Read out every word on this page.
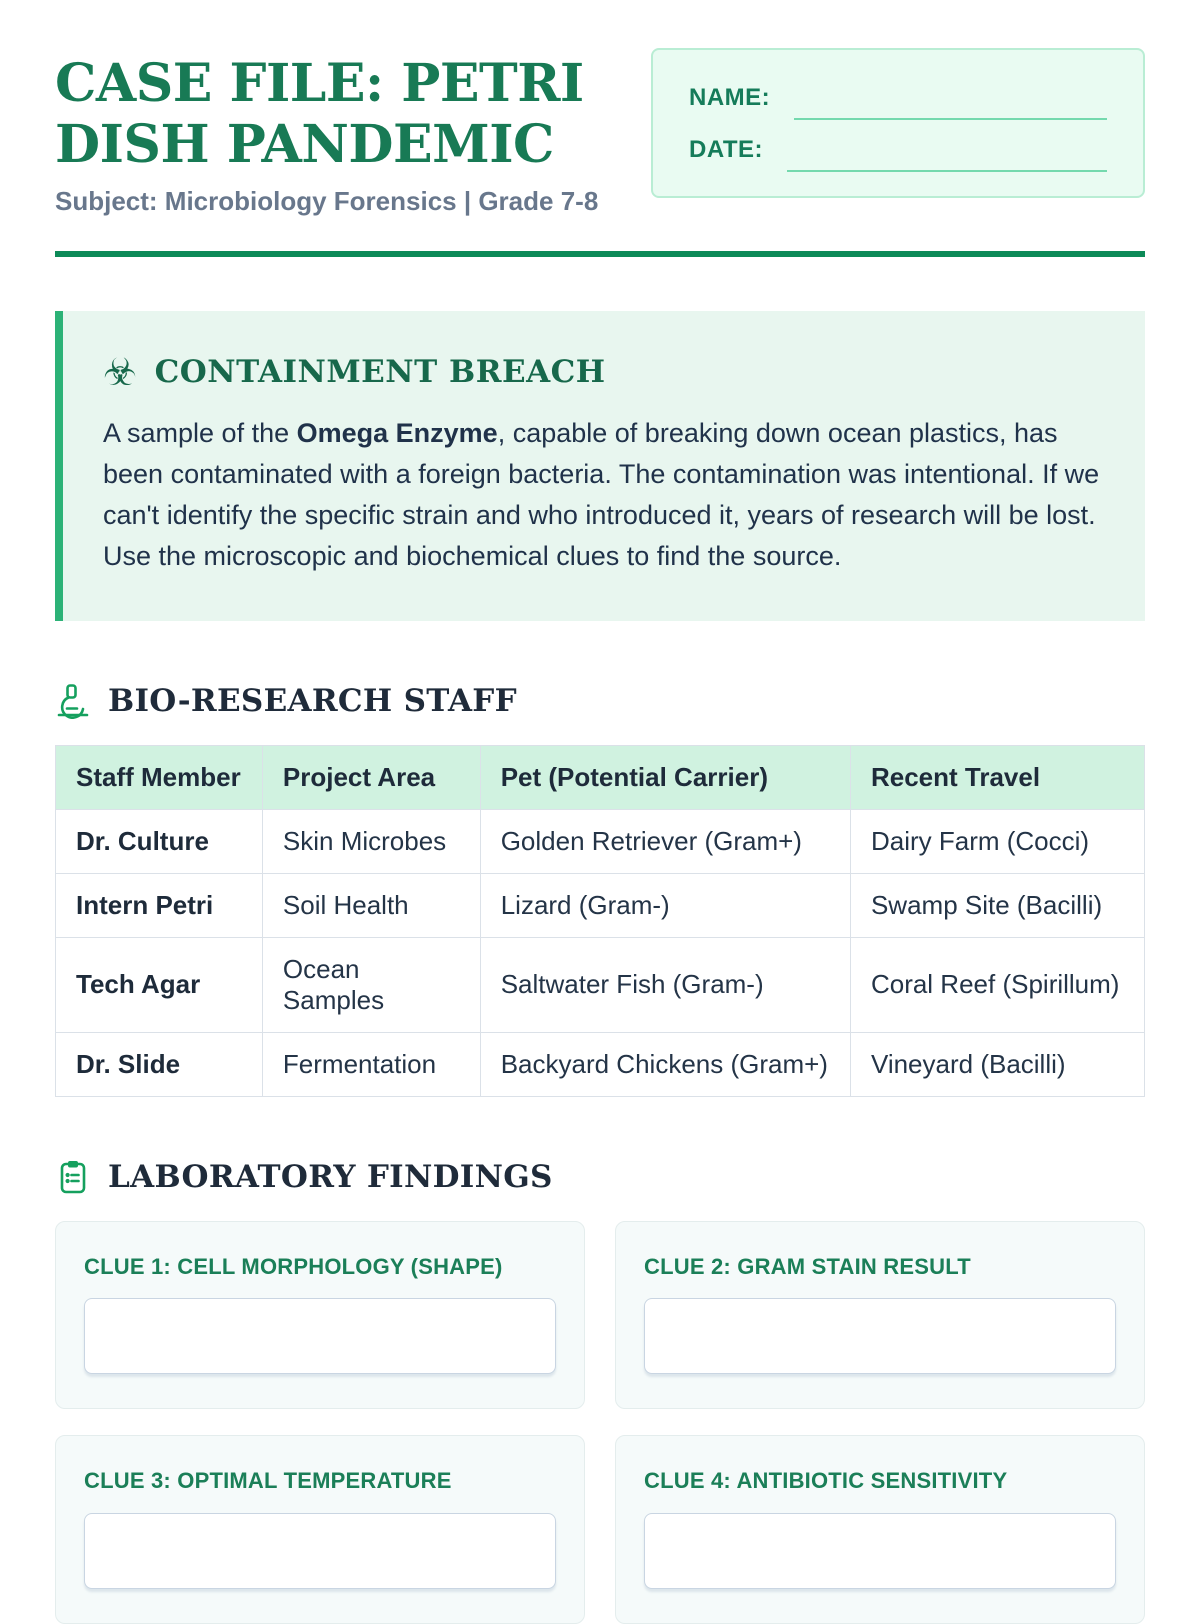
CASE FILE: PETRI DISH PANDEMIC

Subject: Microbiology Forensics | Grade 7-8

NAME:
DATE:
☣ CONTAINMENT BREACH

A sample of the Omega Enzyme, capable of breaking down ocean plastics, has been contaminated with a foreign bacteria. The contamination was intentional. If we can't identify the specific strain and who introduced it, years of research will be lost. Use the microscopic and biochemical clues to find the source.

BIO-RESEARCH STAFF
Staff Member	Project Area	Pet (Potential Carrier)	Recent Travel
Dr. Culture	Skin Microbes	Golden Retriever (Gram+)	Dairy Farm (Cocci)
Intern Petri	Soil Health	Lizard (Gram-)	Swamp Site (Bacilli)
Tech Agar	Ocean Samples	Saltwater Fish (Gram-)	Coral Reef (Spirillum)
Dr. Slide	Fermentation	Backyard Chickens (Gram+)	Vineyard (Bacilli)
LABORATORY FINDINGS
CLUE 1: CELL MORPHOLOGY (SHAPE)	CLUE 2: GRAM STAIN RESULT
CLUE 3: OPTIMAL TEMPERATURE	CLUE 4: ANTIBIOTIC SENSITIVITY
